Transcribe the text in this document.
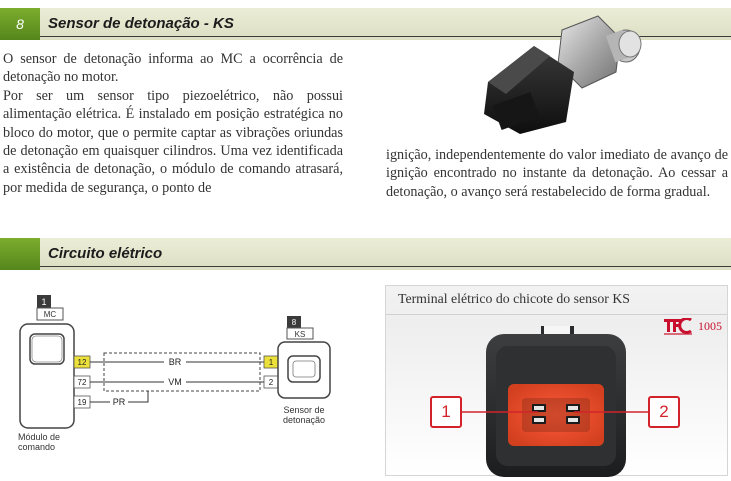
8	Sensor de detonação - KS

O sensor de detonação informa ao MC a ocorrência de detonação no motor.

Por ser um sensor tipo piezoelétrico, não possui alimentação elétrica. É instalado em posição estratégica no bloco do motor, que o permite captar as vibrações oriundas de detonação em quaisquer cilindros. Uma vez identificada a existência de detonação, o módulo de comando atrasará, por medida de segurança, o ponto de

ignição, independentemente do valor imediato de avanço de ignição encontrado no instante da detonação. Ao cessar a detonação, o avanço será restabelecido de forma gradual.
Circuito elétrico
1
MC
12
72
19
Módulo de
comando
BR
VM
PR
1
2
8
KS
Sensor de
detonação
Terminal elétrico do chicote do sensor KS
1005
1	2
